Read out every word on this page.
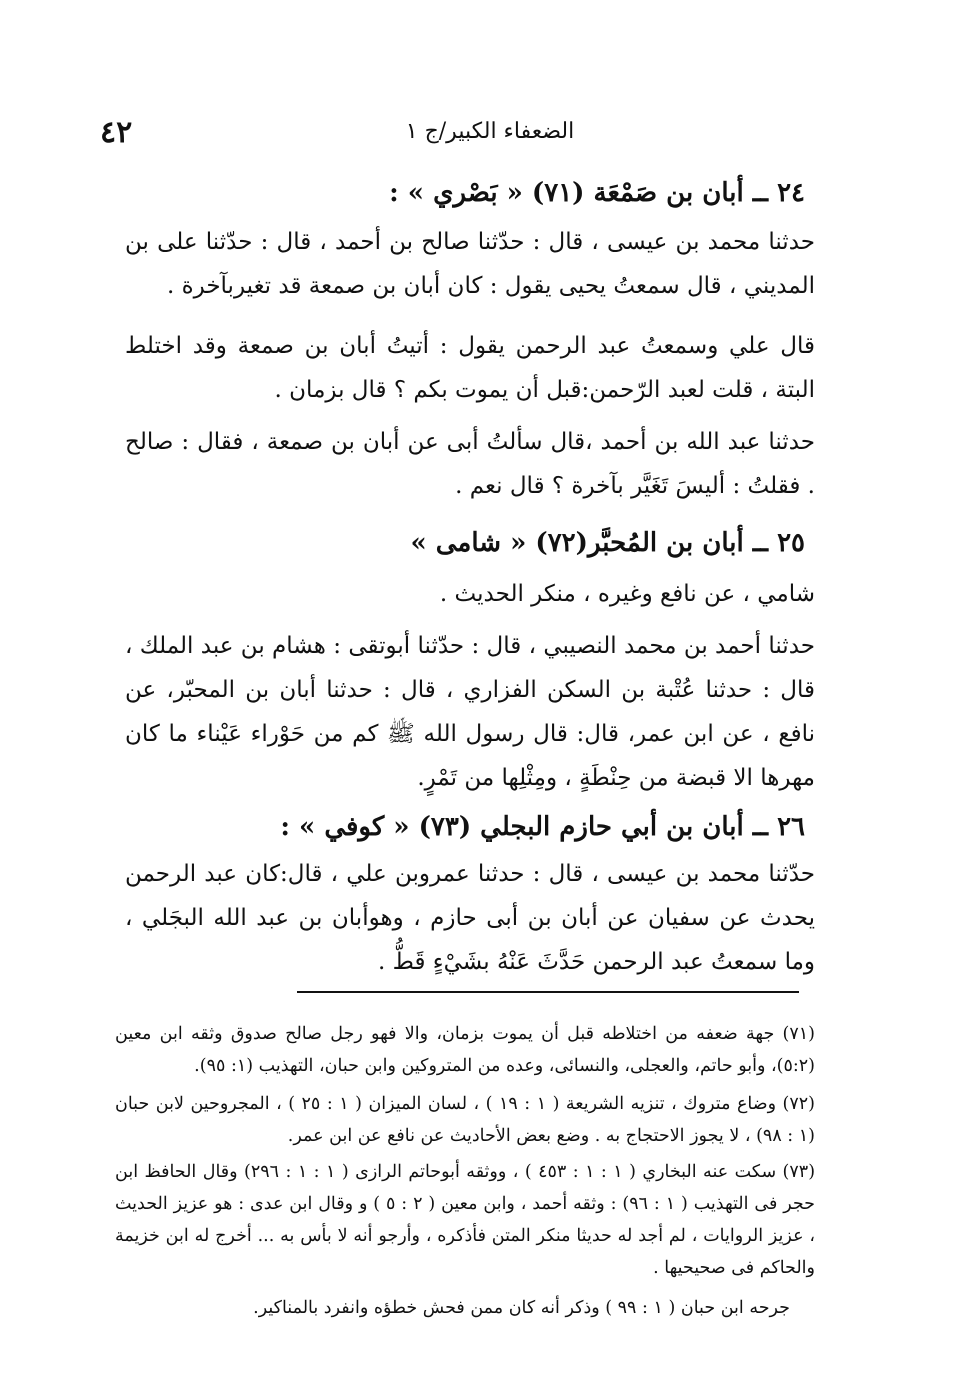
٤٢	الضعفاء الكبير/ج ١
٢٤ ــ أبان بن صَمْعَة (٧١) « بَصْري » :

حدثنا محمد بن عيسى ، قال : حدّثنا صالح بن أحمد ، قال : حدّثنا على بن المديني ، قال سمعتُ يحيى يقول : كان أبان بن صمعة قد تغيربآخرة .

قال علي وسمعتُ عبد الرحمن يقول : أتيتُ أبان بن صمعة وقد اختلط البتة ، قلت لعبد الرّحمن:قبل أن يموت بكم ؟ قال بزمان .

حدثنا عبد الله بن أحمد ،قال سألتُ أبى عن أبان بن صمعة ، فقال : صالح . فقلتُ : أليسَ تَغَيَّر بآخرة ؟ قال نعم .

٢٥ ــ أبان بن المُحبَّر(٧٢) « شامى »

شامي ، عن نافع وغيره ، منكر الحديث .

حدثنا أحمد بن محمد النصيبي ، قال : حدّثنا أبوتقى : هشام بن عبد الملك ، قال : حدثنا عُتْبة بن السكن الفزاري ، قال : حدثنا أبان بن المحبّر، عن نافع ، عن ابن عمر، قال: قال رسول الله ﷺ كم من حَوْراء عَيْناء ما كان مهرها الا قبضة من حِنْطَةٍ ، ومِثْلِها من تَمْرٍ.

٢٦ ــ أبان بن أبي حازم البجلي (٧٣) « كوفي » :

حدّثنا محمد بن عيسى ، قال : حدثنا عمروبن علي ، قال:كان عبد الرحمن يحدث عن سفيان عن أبان بن أبى حازم ، وهوأبان بن عبد الله البجَلي ، وما سمعتُ عبد الرحمن حَدَّثَ عَنْهُ بشَيْءٍ قَطُّ .

(٧١) جهة ضعفه من اختلاطه قبل أن يموت بزمان، والا فهو رجل صالح صدوق وثقه ابن معين (٥:٢)، وأبو حاتم، والعجلى، والنسائى، وعده من المتروكين وابن حبان، التهذيب (١: ٩٥).

(٧٢) وضاع متروك ، تنزيه الشريعة ( ١ : ١٩ ) ، لسان الميزان ( ١ : ٢٥ ) ، المجروحين لابن حبان (١ : ٩٨) ، لا يجوز الاحتجاج به . وضع بعض الأحاديث عن نافع عن ابن عمر.

(٧٣) سكت عنه البخاري ( ١ : ١ : ٤٥٣ ) ، ووثقه أبوحاتم الرازى ( ١ : ١ : ٢٩٦) وقال الحافظ ابن حجر فى التهذيب ( ١ : ٩٦) : وثقه أحمد ، وابن معين ( ٢ : ٥ ) و وقال ابن عدى : هو عزيز الحديث ، عزيز الروايات ، لم أجد له حديثا منكر المتن فأذكره ، وأرجو أنه لا بأس به ... أخرج له ابن خزيمة والحاكم فى صحيحيها .

جرحه ابن حبان ( ١ : ٩٩ ) وذكر أنه كان ممن فحش خطؤه وانفرد بالمناكير.
